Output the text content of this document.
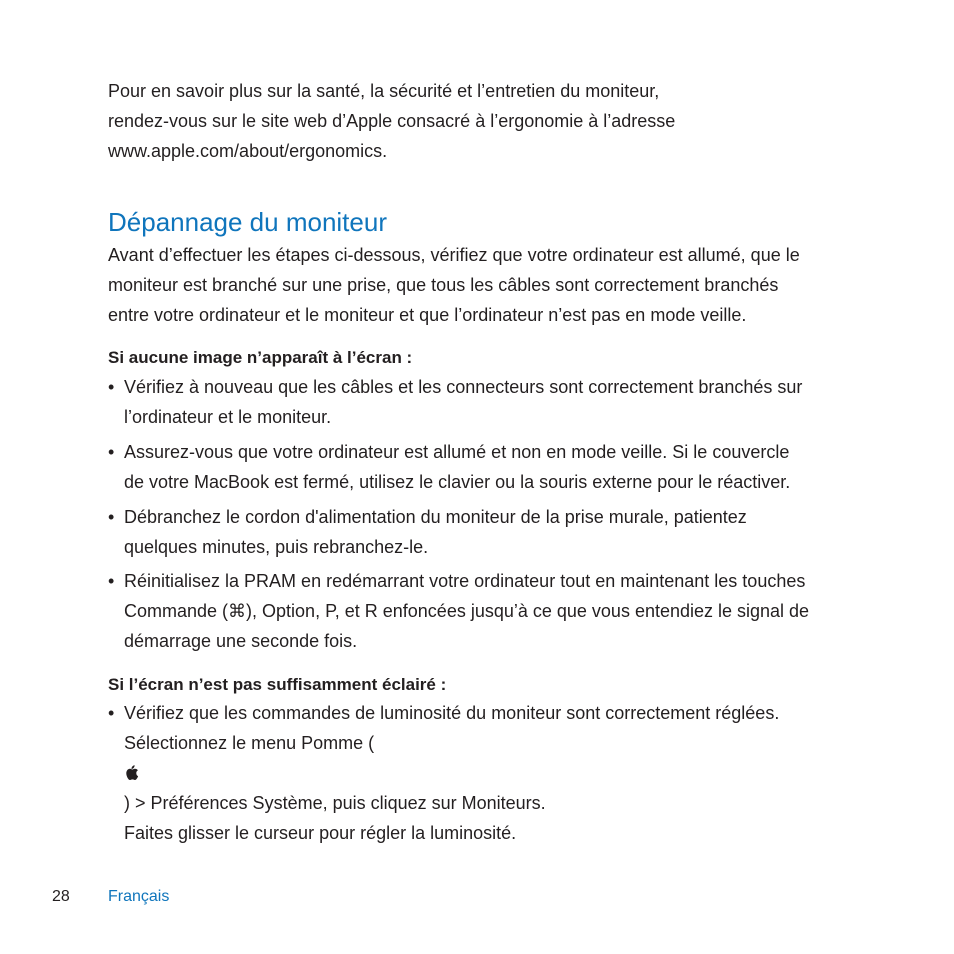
Pour en savoir plus sur la santé, la sécurité et l’entretien du moniteur,
rendez-vous sur le site web d’Apple consacré à l’ergonomie à l’adresse
www.apple.com/about/ergonomics.

Dépannage du moniteur

Avant d’effectuer les étapes ci-dessous, vérifiez que votre ordinateur est allumé, que le
moniteur est branché sur une prise, que tous les câbles sont correctement branchés
entre votre ordinateur et le moniteur et que l’ordinateur n’est pas en mode veille.

Si aucune image n’apparaît à l’écran :
• Vérifiez à nouveau que les câbles et les connecteurs sont correctement branchés sur
l’ordinateur et le moniteur.
• Assurez-vous que votre ordinateur est allumé et non en mode veille. Si le couvercle
de votre MacBook est fermé, utilisez le clavier ou la souris externe pour le réactiver.
• Débranchez le cordon d'alimentation du moniteur de la prise murale, patientez
quelques minutes, puis rebranchez-le.
• Réinitialisez la PRAM en redémarrant votre ordinateur tout en maintenant les touches
Commande (⌘), Option, P, et R enfoncées jusqu’à ce que vous entendiez le signal de
démarrage une seconde fois.
Si l’écran n’est pas suffisamment éclairé :
• Vérifiez que les commandes de luminosité du moniteur sont correctement réglées.
Sélectionnez le menu Pomme (
) > Préférences Système, puis cliquez sur Moniteurs.
Faites glisser le curseur pour régler la luminosité.
28 Français
